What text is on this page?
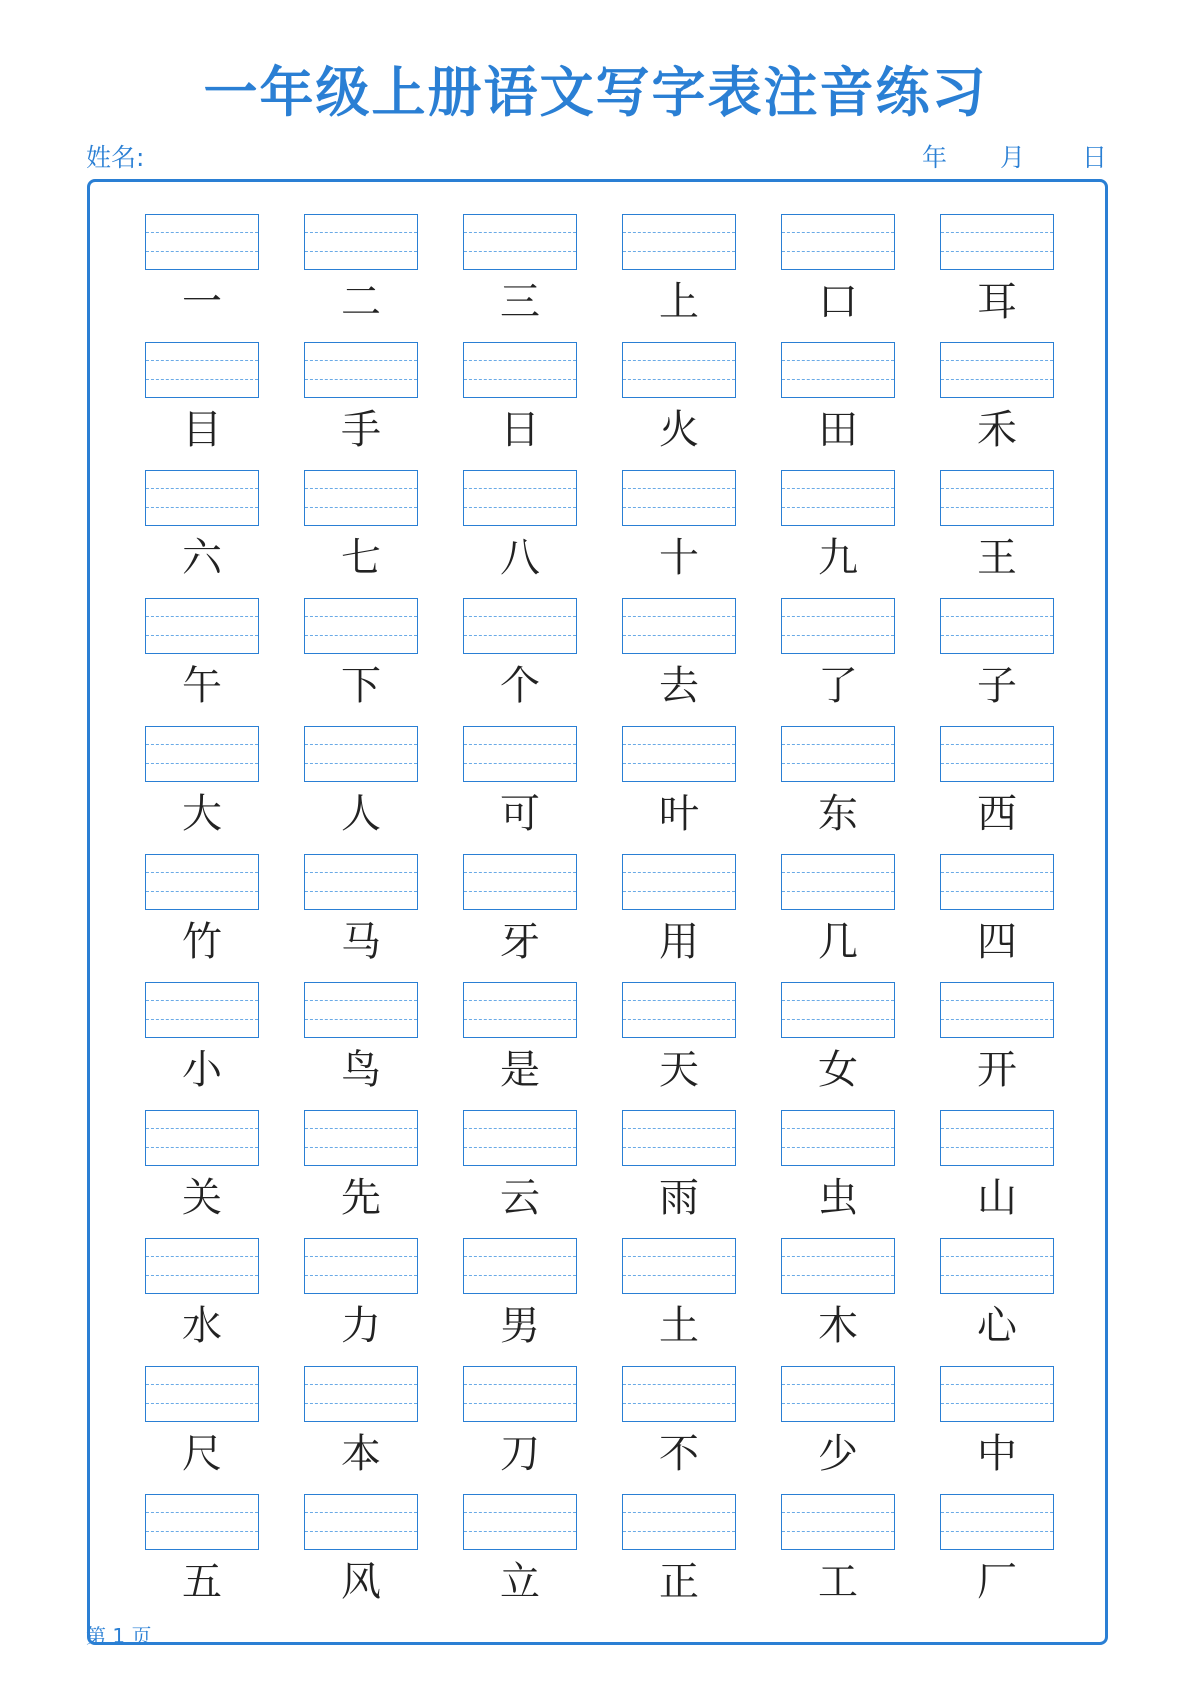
一年级上册语文写字表注音练习
姓名:	年 月 日
一	二	三	上	口	耳
目	手	日	火	田	禾
六	七	八	十	九	王
午	下	个	去	了	子
大	人	可	叶	东	西
竹	马	牙	用	几	四
小	鸟	是	天	女	开
关	先	云	雨	虫	山
水	力	男	土	木	心
尺	本	刀	不	少	中
五	风	立	正	工	厂
第 1 页
